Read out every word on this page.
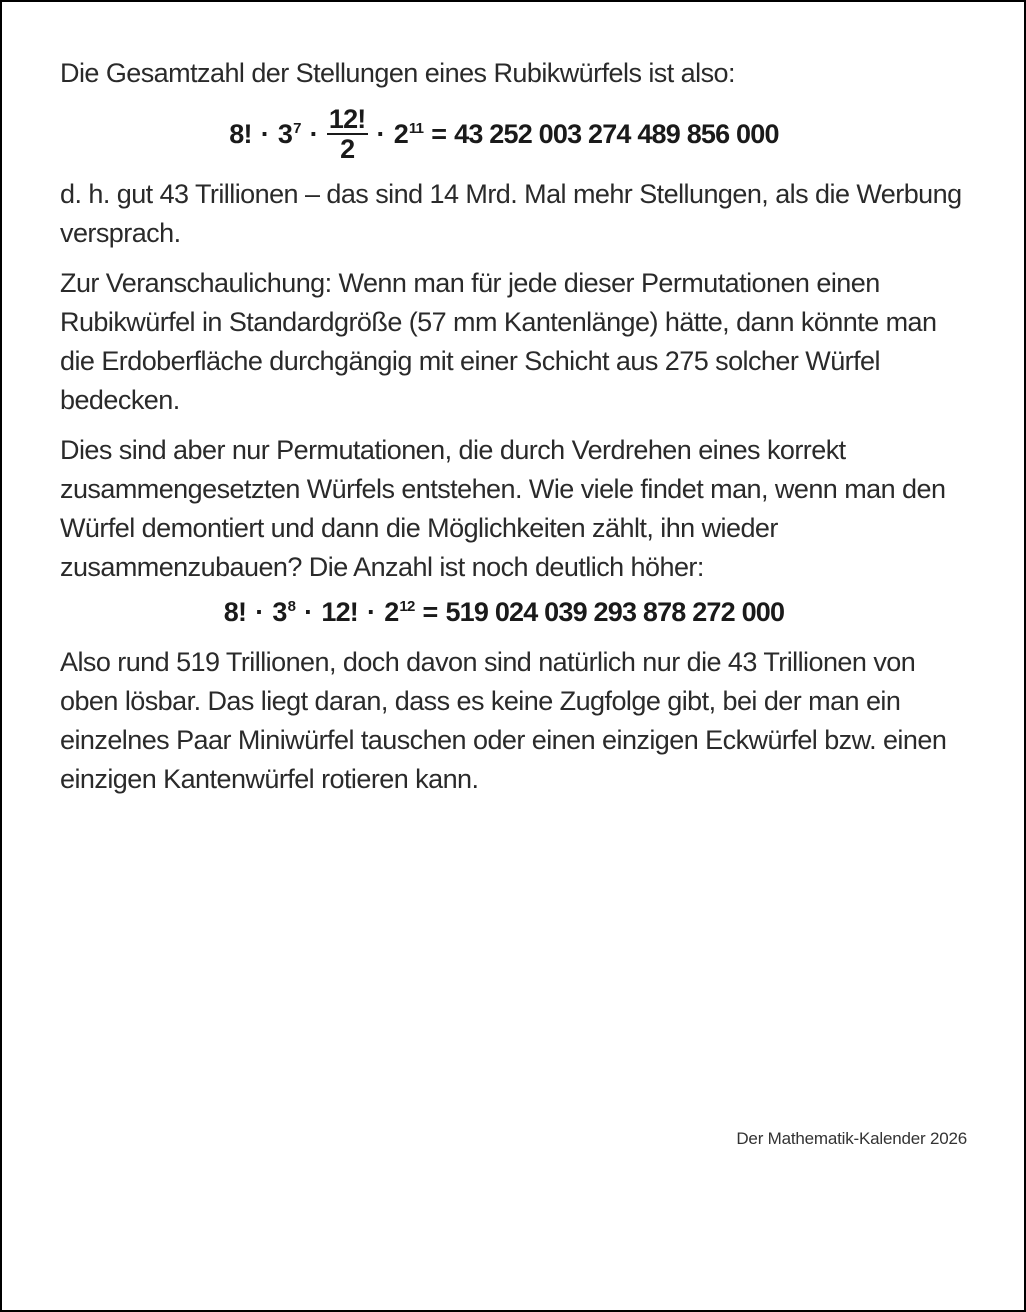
Die Gesamtzahl der Stellungen eines Rubikwürfels ist also:

8! · $3^7 \cdot \frac{12!}{2} \cdot 2^{11} = 43$ 252 003 274 489 856 000

d. h. gut 43 Trillionen – das sind 14 Mrd. Mal mehr Stellungen, als die Werbung versprach.

Zur Veranschaulichung: Wenn man für jede dieser Permutationen einen Rubikwürfel in Standardgröße (57 mm Kantenlänge) hätte, dann könnte man die Erdoberfläche durchgängig mit einer Schicht aus 275 solcher Würfel bedecken.

Dies sind aber nur Permutationen, die durch Verdrehen eines korrekt zusammengesetzten Würfels entstehen. Wie viele findet man, wenn man den Würfel demontiert und dann die Möglichkeiten zählt, ihn wieder zusammenzubauen? Die Anzahl ist noch deutlich höher:

8! · $3^8 \cdot 12$! · $2^{12} = 519$ 024 039 293 878 272 000

Also rund 519 Trillionen, doch davon sind natürlich nur die 43 Trillionen von oben lösbar. Das liegt daran, dass es keine Zugfolge gibt, bei der man ein einzelnes Paar Miniwürfel tauschen oder einen einzigen Eckwürfel bzw. einen einzigen Kantenwürfel rotieren kann.

Der Mathematik-Kalender 2026
